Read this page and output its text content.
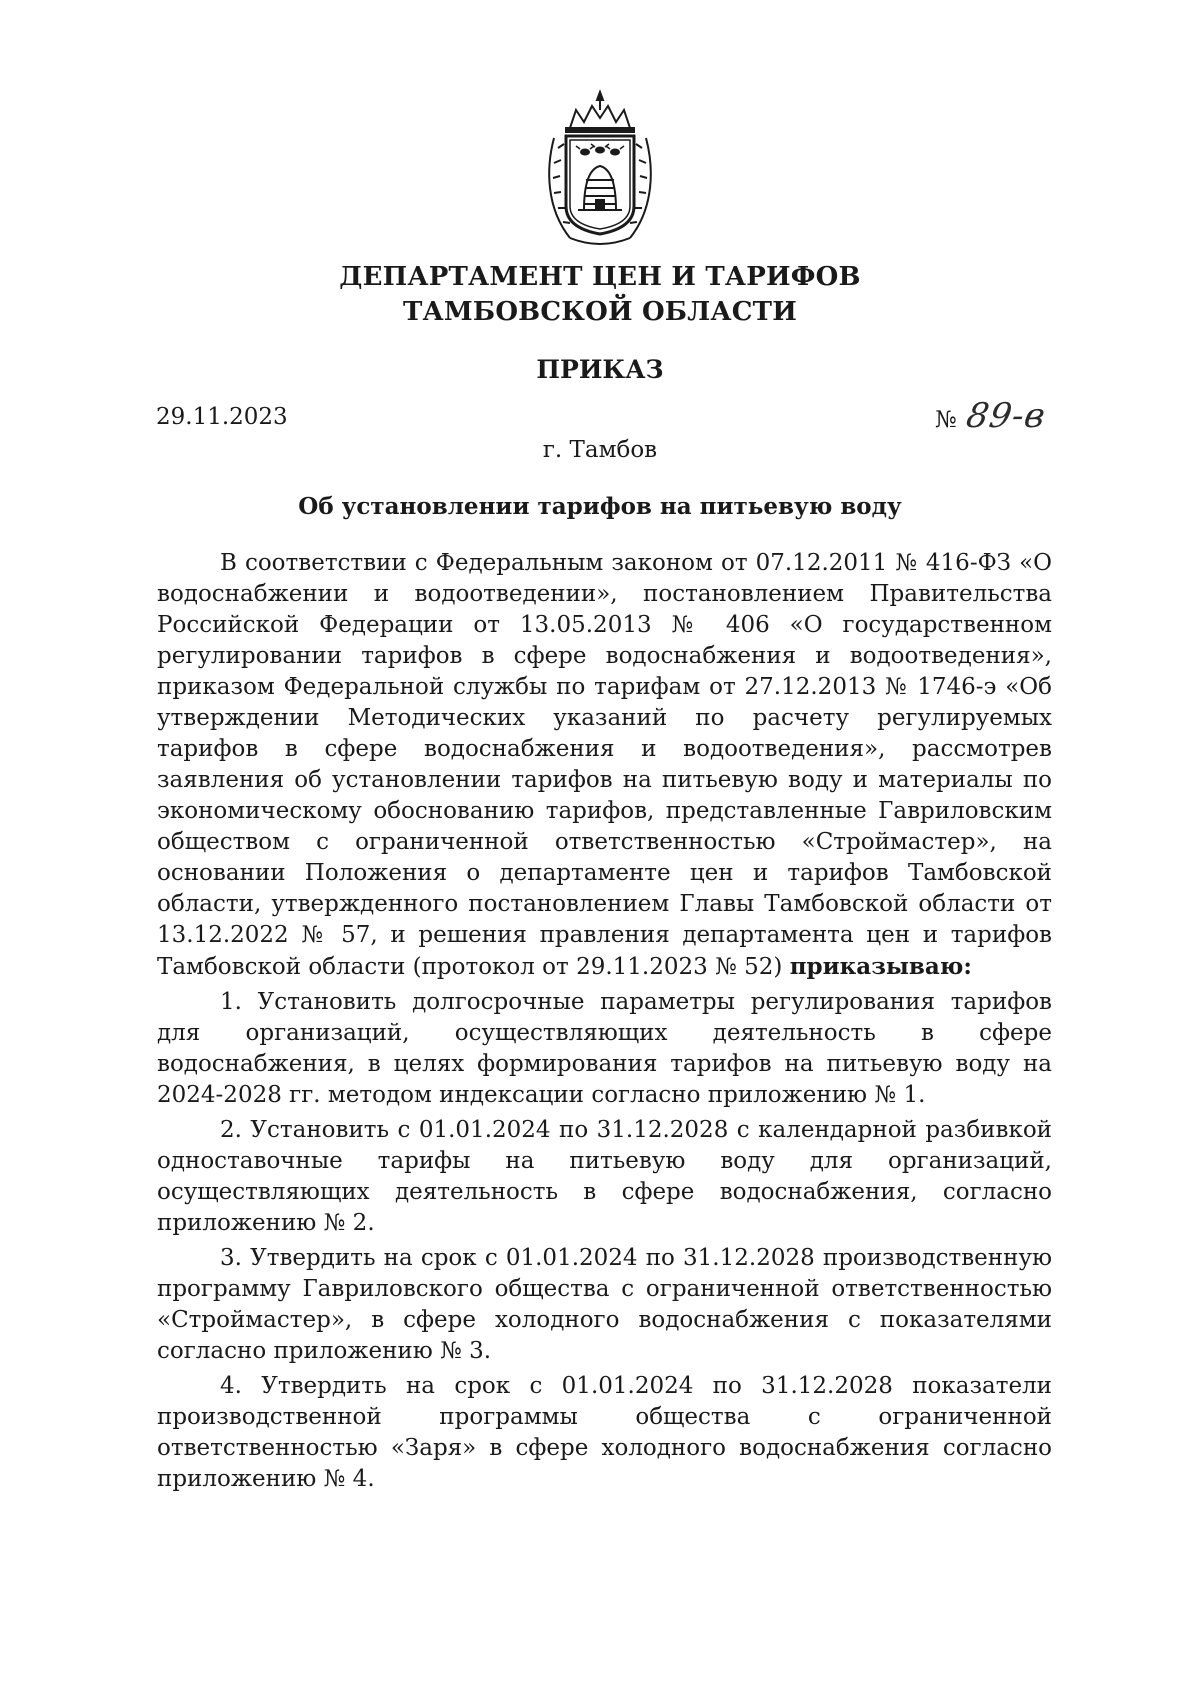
ДЕПАРТАМЕНТ ЦЕН И ТАРИФОВ
ТАМБОВСКОЙ ОБЛАСТИ
ПРИКАЗ
29.11.2023	№ 89-в
г. Тамбов
Об установлении тарифов на питьевую воду

В соответствии с Федеральным законом от 07.12.2011 № 416-ФЗ «О водоснабжении и водоотведении», постановлением Правительства Российской Федерации от 13.05.2013 № 406 «О государственном регулировании тарифов в сфере водоснабжения и водоотведения», приказом Федеральной службы по тарифам от 27.12.2013 № 1746-э «Об утверждении Методических указаний по расчету регулируемых тарифов в сфере водоснабжения и водоотведения», рассмотрев заявления об установлении тарифов на питьевую воду и материалы по экономическому обоснованию тарифов, представленные Гавриловским обществом с ограниченной ответственностью «Строймастер», на основании Положения о департаменте цен и тарифов Тамбовской области, утвержденного постановлением Главы Тамбовской области от 13.12.2022 № 57, и решения правления департамента цен и тарифов Тамбовской области (протокол от 29.11.2023 № 52) приказываю:

1. Установить долгосрочные параметры регулирования тарифов для организаций, осуществляющих деятельность в сфере водоснабжения, в целях формирования тарифов на питьевую воду на 2024-2028 гг. методом индексации согласно приложению № 1.

2. Установить с 01.01.2024 по 31.12.2028 с календарной разбивкой одноставочные тарифы на питьевую воду для организаций, осуществляющих деятельность в сфере водоснабжения, согласно приложению № 2.

3. Утвердить на срок с 01.01.2024 по 31.12.2028 производственную программу Гавриловского общества с ограниченной ответственностью «Строймастер», в сфере холодного водоснабжения с показателями согласно приложению № 3.

4. Утвердить на срок с 01.01.2024 по 31.12.2028 показатели производственной программы общества с ограниченной ответственностью «Заря» в сфере холодного водоснабжения согласно приложению № 4.
